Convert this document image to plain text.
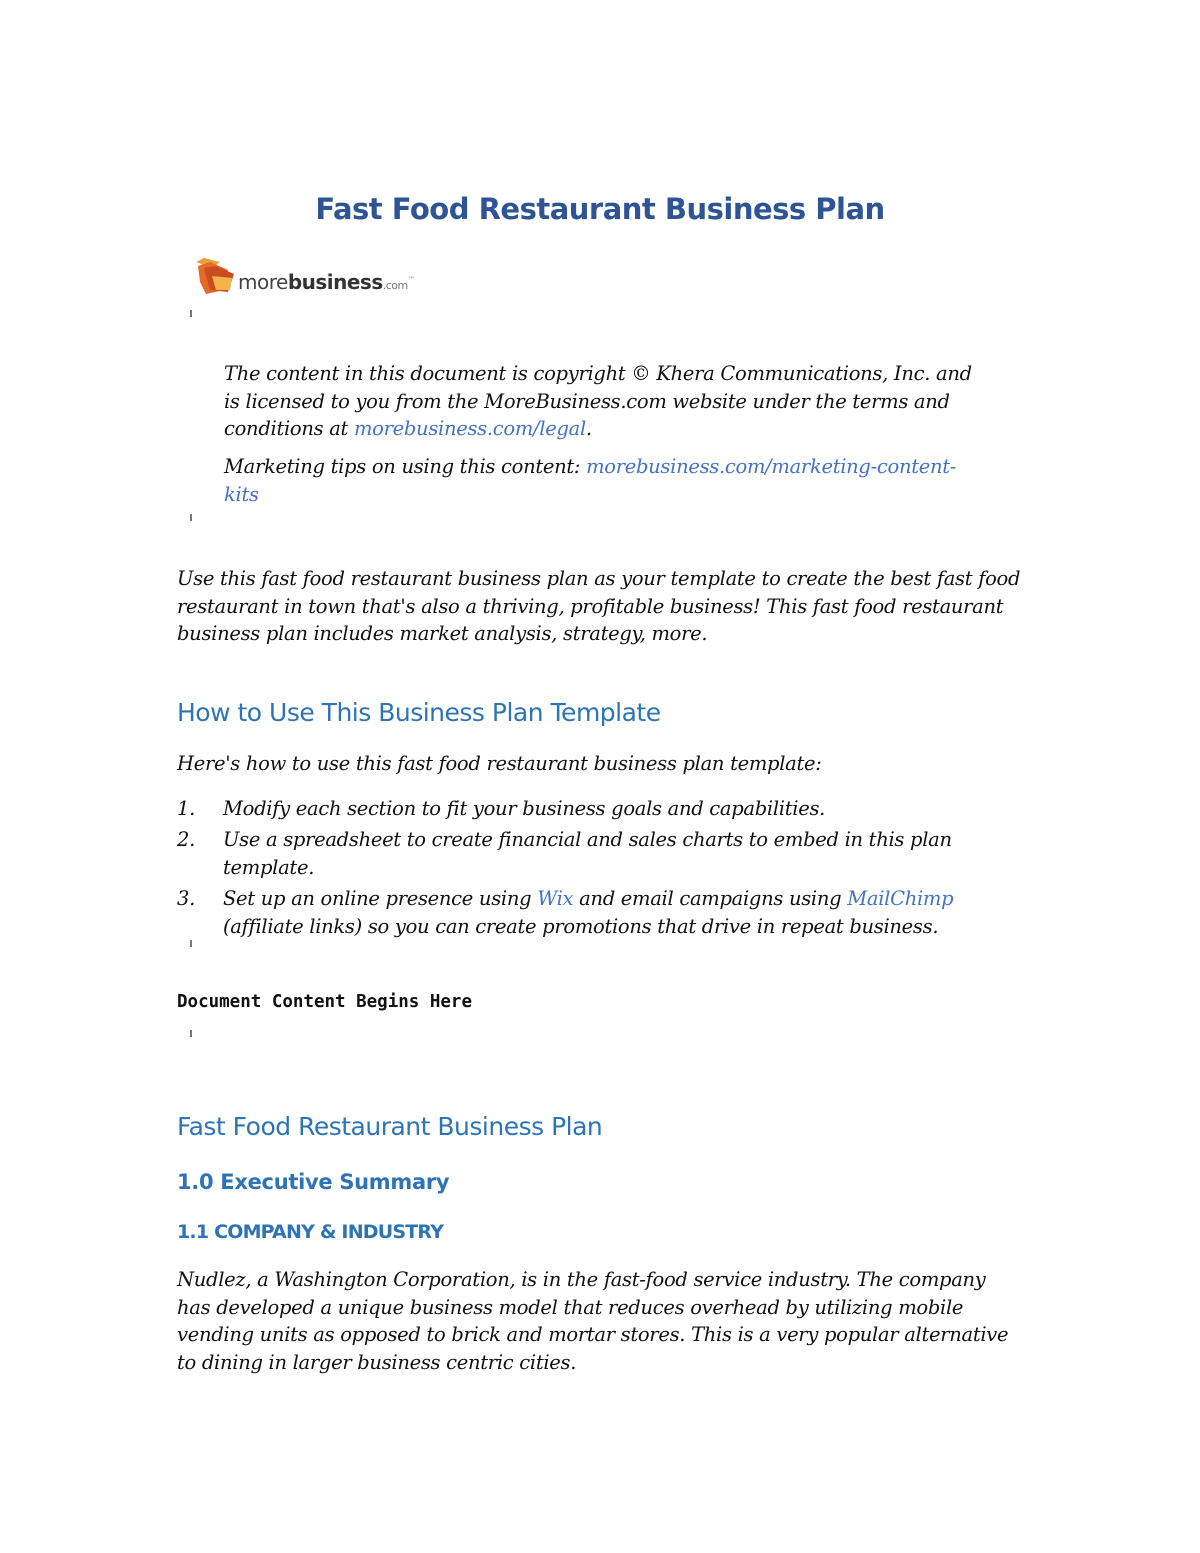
Fast Food Restaurant Business Plan
morebusiness.com™
The content in this document is copyright © Khera Communications, Inc. and
is licensed to you from the MoreBusiness.com website under the terms and
conditions at morebusiness.com/legal.
Marketing tips on using this content: morebusiness.com/marketing-content-
kits
Use this fast food restaurant business plan as your template to create the best fast food
restaurant in town that's also a thriving, profitable business! This fast food restaurant
business plan includes market analysis, strategy, more.
How to Use This Business Plan Template
Here's how to use this fast food restaurant business plan template:
1. Modify each section to fit your business goals and capabilities.
2. Use a spreadsheet to create financial and sales charts to embed in this plan
template.
3. Set up an online presence using Wix and email campaigns using MailChimp
(affiliate links) so you can create promotions that drive in repeat business.
Document Content Begins Here
Fast Food Restaurant Business Plan
1.0 Executive Summary
1.1 COMPANY & INDUSTRY
Nudlez, a Washington Corporation, is in the fast-food service industry. The company
has developed a unique business model that reduces overhead by utilizing mobile
vending units as opposed to brick and mortar stores. This is a very popular alternative
to dining in larger business centric cities.
